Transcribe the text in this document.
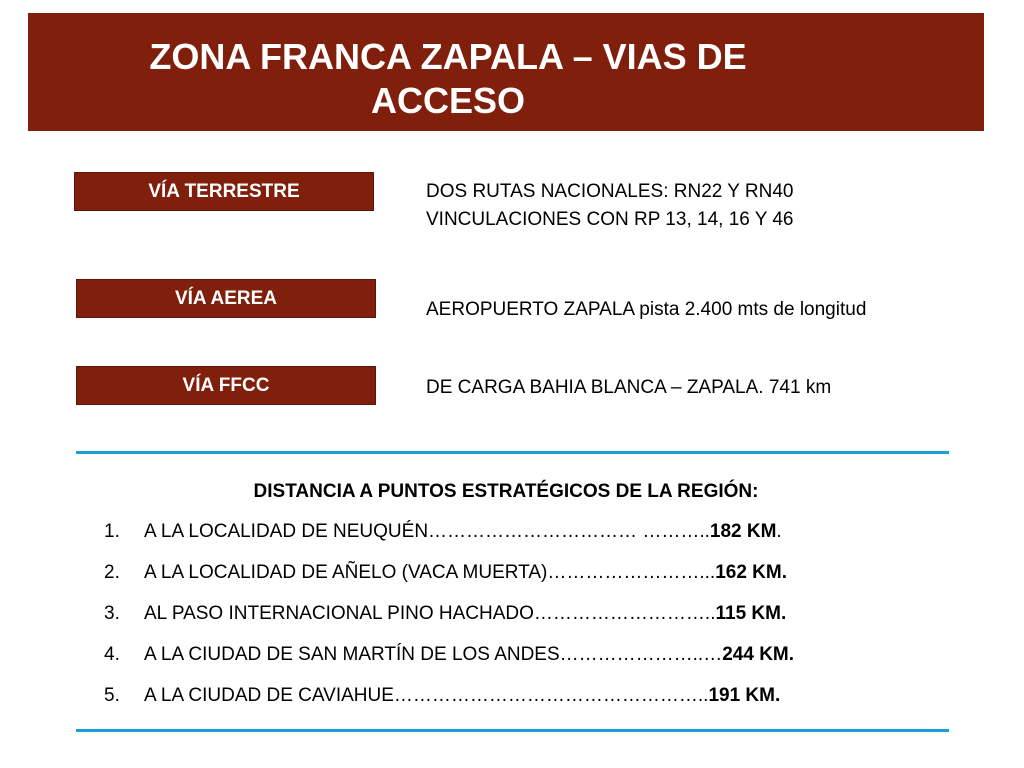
ZONA FRANCA ZAPALA – VIAS DE
ACCESO
VÍA TERRESTRE	DOS RUTAS NACIONALES: RN22 Y RN40
VINCULACIONES CON RP 13, 14, 16 Y 46
VÍA AEREA
AEROPUERTO ZAPALA pista 2.400 mts de longitud
VÍA FFCC	DE CARGA BAHIA BLANCA – ZAPALA. 741 km
DISTANCIA A PUNTOS ESTRATÉGICOS DE LA REGIÓN:
1. A LA LOCALIDAD DE NEUQUÉN…………………………… ………..182 KM.
2. A LA LOCALIDAD DE AÑELO (VACA MUERTA)……………………...162 KM.
3. AL PASO INTERNACIONAL PINO HACHADO………………………..115 KM.
4. A LA CIUDAD DE SAN MARTÍN DE LOS ANDES…………………..…244 KM.
5. A LA CIUDAD DE CAVIAHUE…………………………………………..191 KM.
